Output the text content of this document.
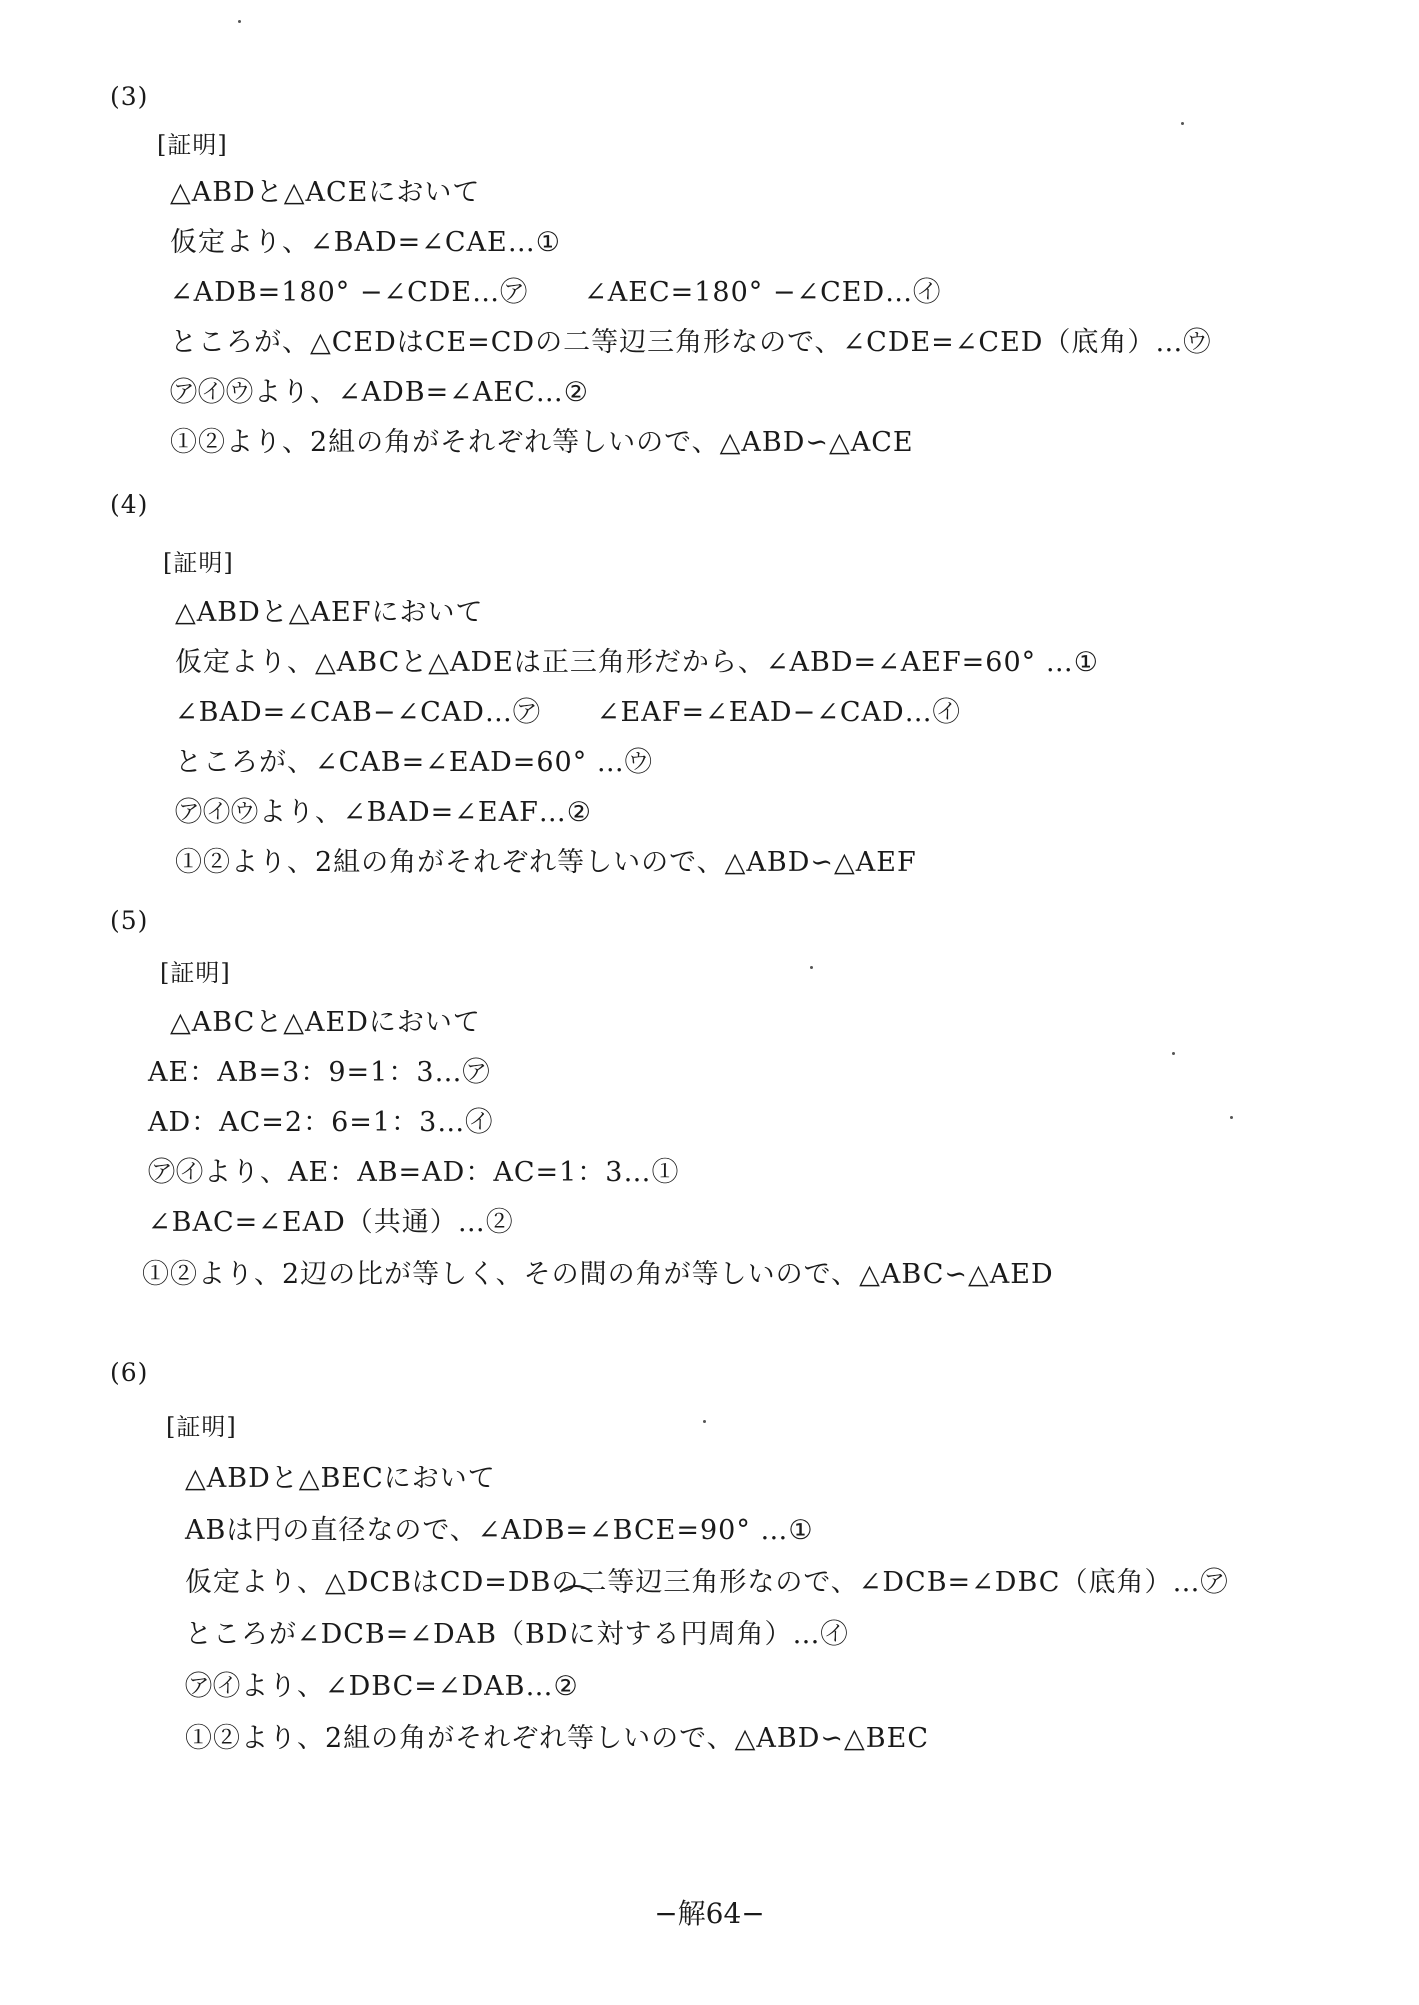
(3)
[証明]
△ABDと△ACEにおいて
仮定より、∠BAD=∠CAE…①
∠ADB=180° −∠CDE…㋐　　∠AEC=180° −∠CED…㋑
ところが、△CEDはCE=CDの二等辺三角形なので、∠CDE=∠CED（底角）…㋒
㋐㋑㋒より、∠ADB=∠AEC…②
①②より、2組の角がそれぞれ等しいので、△ABD∽△ACE
(4)
[証明]
△ABDと△AEFにおいて
仮定より、△ABCと△ADEは正三角形だから、∠ABD=∠AEF=60° …①
∠BAD=∠CAB−∠CAD…㋐　　∠EAF=∠EAD−∠CAD…㋑
ところが、∠CAB=∠EAD=60° …㋒
㋐㋑㋒より、∠BAD=∠EAF…②
①②より、2組の角がそれぞれ等しいので、△ABD∽△AEF
(5)
[証明]
△ABCと△AEDにおいて
AE：AB=3：9=1：3…㋐
AD：AC=2：6=1：3…㋑
㋐㋑より、AE：AB=AD：AC=1：3…①
∠BAC=∠EAD（共通）…②
①②より、2辺の比が等しく、その間の角が等しいので、△ABC∽△AED
(6)
[証明]
△ABDと△BECにおいて
ABは円の直径なので、∠ADB=∠BCE=90° …①
仮定より、△DCBはCD=DBの二等辺三角形なので、∠DCB=∠DBC（底角）…㋐
ところが∠DCB=∠DAB（BDに対する円周角）…㋑
㋐㋑より、∠DBC=∠DAB…②
①②より、2組の角がそれぞれ等しいので、△ABD∽△BEC
−解64−
